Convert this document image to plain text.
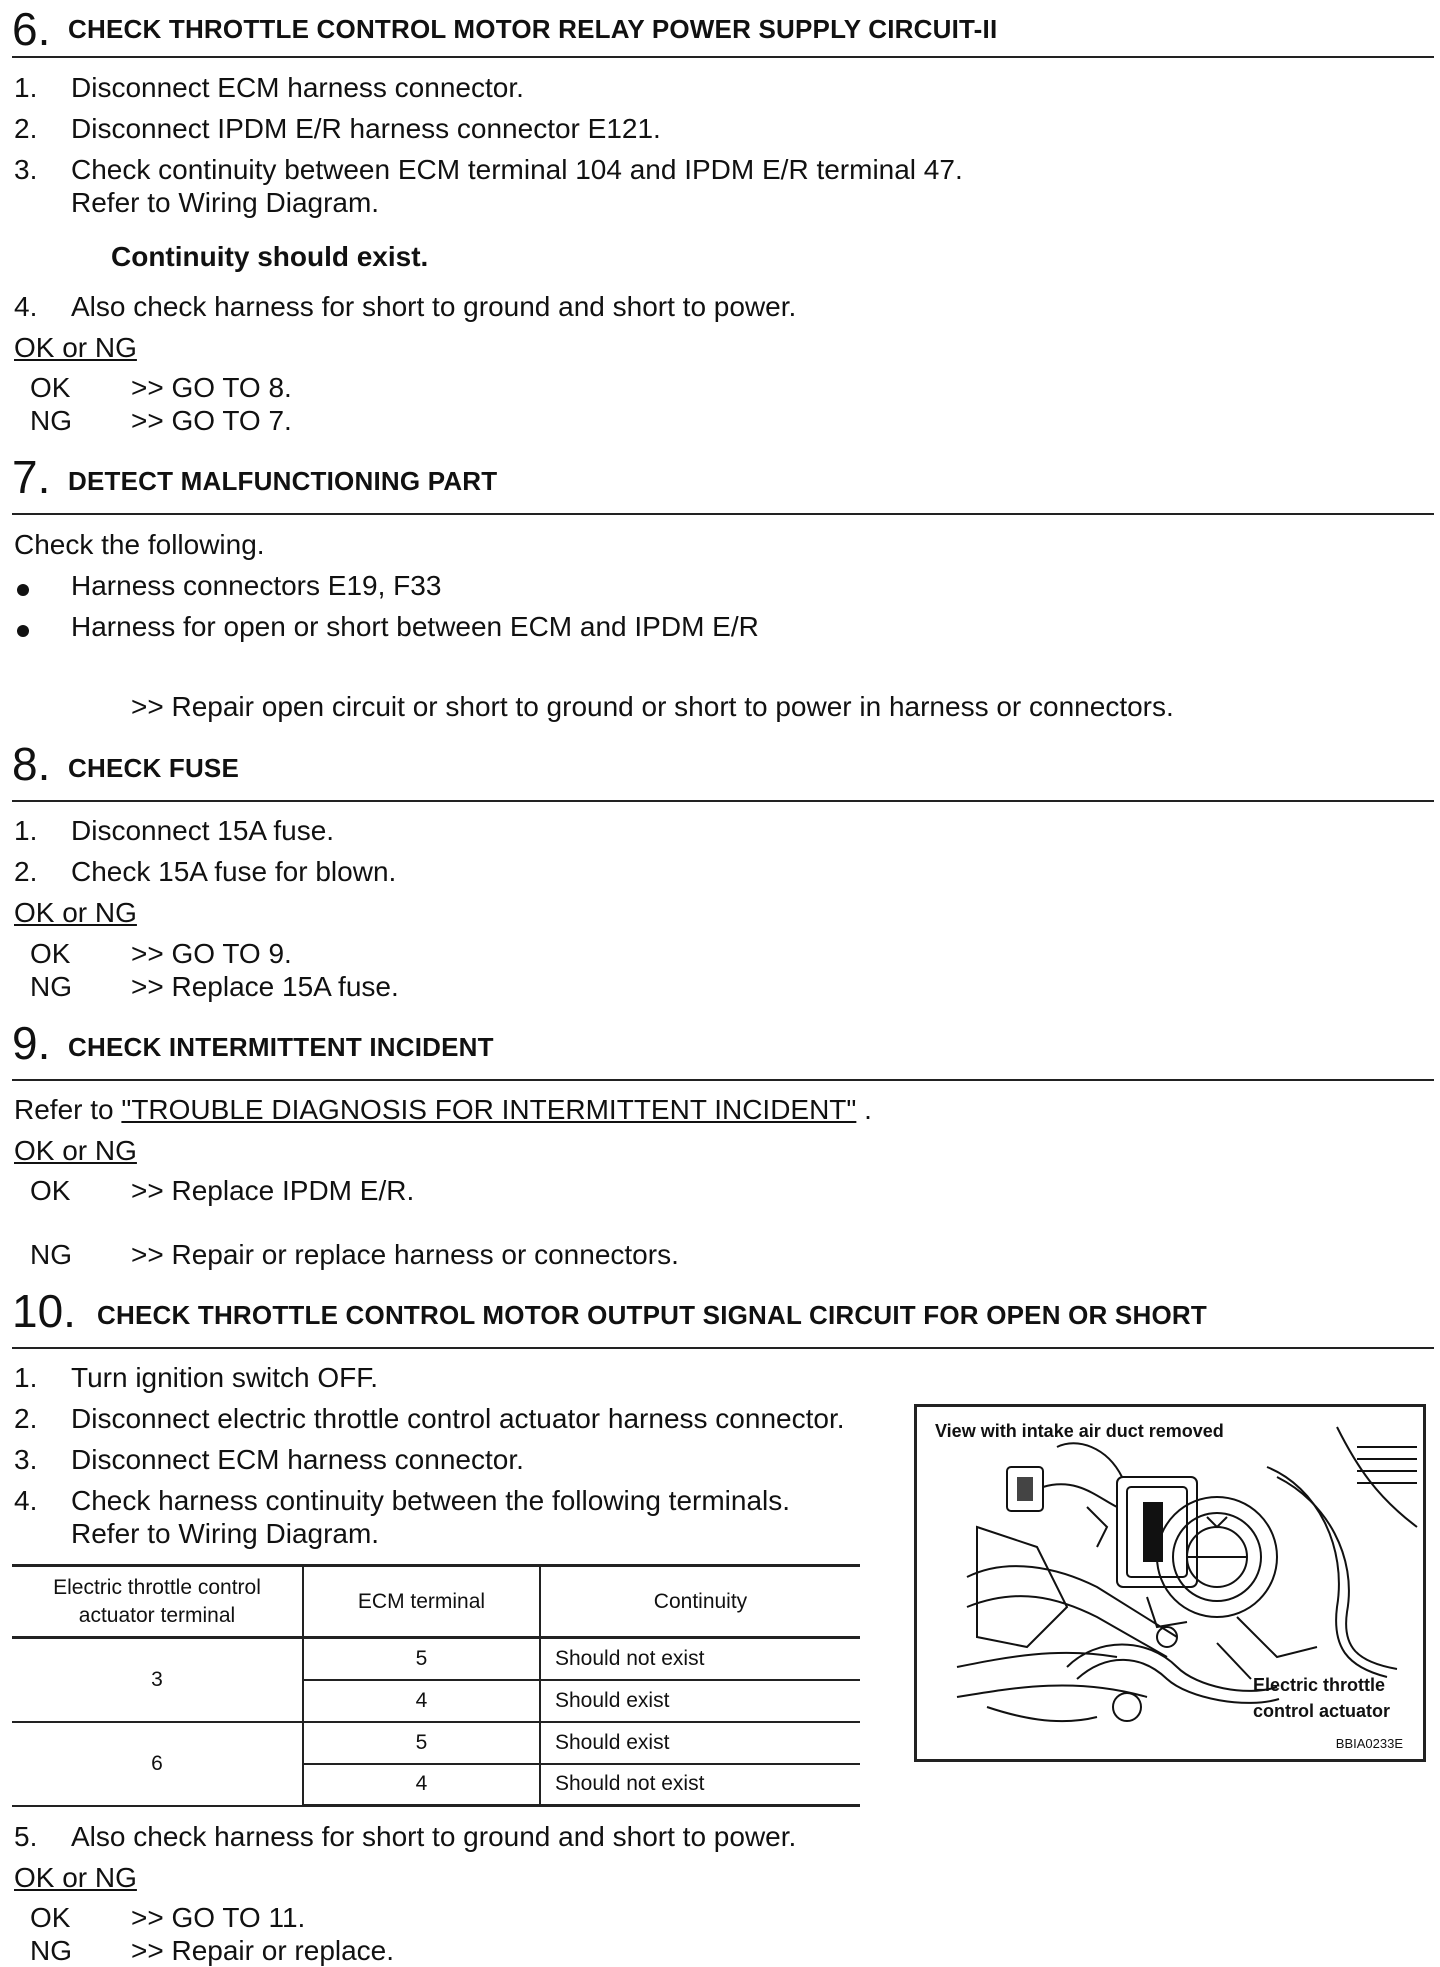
6. CHECK THROTTLE CONTROL MOTOR RELAY POWER SUPPLY CIRCUIT-II
1. Disconnect ECM harness connector.
2. Disconnect IPDM E/R harness connector E121.
3. Check continuity between ECM terminal 104 and IPDM E/R terminal 47.
Refer to Wiring Diagram.
Continuity should exist.
4. Also check harness for short to ground and short to power.
OK or NG
OK >> GO TO 8.
NG >> GO TO 7.
7. DETECT MALFUNCTIONING PART
Check the following.
Harness connectors E19, F33
Harness for open or short between ECM and IPDM E/R
>> Repair open circuit or short to ground or short to power in harness or connectors.
8. CHECK FUSE
1. Disconnect 15A fuse.
2. Check 15A fuse for blown.
OK or NG
OK >> GO TO 9.
NG >> Replace 15A fuse.
9. CHECK INTERMITTENT INCIDENT
Refer to "TROUBLE DIAGNOSIS FOR INTERMITTENT INCIDENT" .
OK or NG
OK >> Replace IPDM E/R.
NG >> Repair or replace harness or connectors.
10. CHECK THROTTLE CONTROL MOTOR OUTPUT SIGNAL CIRCUIT FOR OPEN OR SHORT
1. Turn ignition switch OFF.
2. Disconnect electric throttle control actuator harness connector.
3. Disconnect ECM harness connector.
4. Check harness continuity between the following terminals.
Refer to Wiring Diagram.
Electric throttle control actuator terminal	ECM terminal	Continuity
3	5	Should not exist
	4	Should exist
6	5	Should exist
	4	Should not exist
View with intake air duct removed
Electric throttle
control actuator
BBIA0233E
5. Also check harness for short to ground and short to power.
OK or NG
OK >> GO TO 11.
NG >> Repair or replace.
